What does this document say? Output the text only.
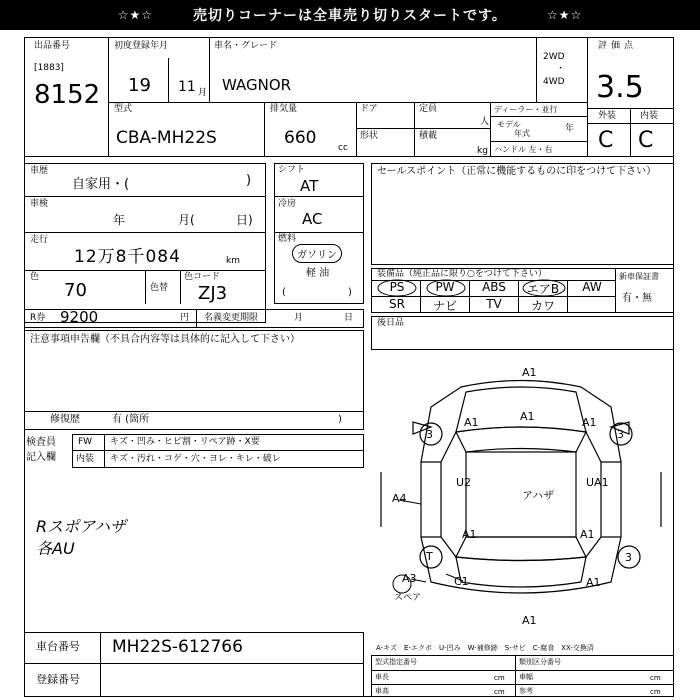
☆★☆	売切りコーナーは全車売り切りスタートです。	☆★☆
出品番号
[1883]
8152
初度登録年月
19 11 月
車名・グレード
WAGNOR
2WD
・
4WD
評価点
3.5
外装	内装
C C
型式
CBA-MH22S
排気量
660 cc
ドア
形状
定員
人
積載
kg
ディーラー・並行
モデル
年式	年
ハンドル 左・右
車歴
自家用・(	)
車検
年	月(	日)
走行
12万8千084	km
色
70	色替
色コード
ZJ3
シフト
AT
冷房
AC
燃料
ガソリン
軽 油
(	)
R券 9200	円 名義変更期限	月	日
注意事項申告欄（不具合内容等は具体的に記入して下さい）
修復歴	有 (箇所	)
検査員
記入欄
FW キズ・凹み・ヒビ割・リペア跡・X要
内装 キズ・汚れ・コゲ・穴・ヨレ・キレ・破レ
Rスポアハザ
各AU
セールスポイント（正常に機能するものに印をつけて下さい）
装備品（純正品に限り○をつけて下さい）	新車保証書
有・無
PS	PW	ABS	エアB	AW
SR	ナビ	TV	カワ
後日品
A1
A1
A1	A1
3	3
U2	UA1
アハザ
A4
A1	A1
T	3
A3	C1	A1
A1
スペア
車台番号 MH22S-612766
登録番号
A-キズ　E-エクボ　U-凹み　W-補修跡　S-サビ　C-腐食　XX-交換済
型式指定番号	類別区分番号
車長	cm 車幅	cm
車高	cm 参考	cm
